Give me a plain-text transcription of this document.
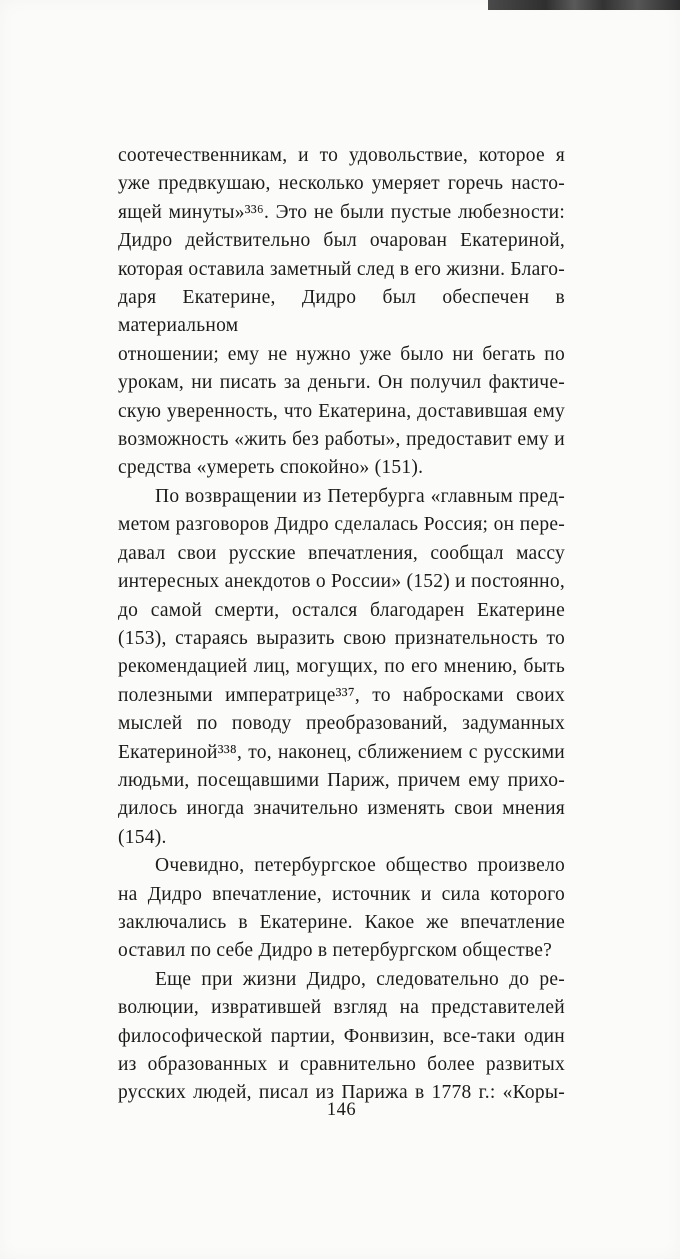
соотечественникам, и то удовольствие, которое я
уже предвкушаю, несколько умеряет горечь насто-
ящей минуты»³³⁶. Это не были пустые любезности:
Дидро действительно был очарован Екатериной,
которая оставила заметный след в его жизни. Благо-
даря Екатерине, Дидро был обеспечен в материальном
отношении; ему не нужно уже было ни бегать по
урокам, ни писать за деньги. Он получил фактиче-
скую уверенность, что Екатерина, доставившая ему
возможность «жить без работы», предоставит ему и
средства «умереть спокойно» (151).
По возвращении из Петербурга «главным пред-
метом разговоров Дидро сделалась Россия; он пере-
давал свои русские впечатления, сообщал массу
интересных анекдотов о России» (152) и постоянно,
до самой смерти, остался благодарен Екатерине
(153), стараясь выразить свою признательность то
рекомендацией лиц, могущих, по его мнению, быть
полезными императрице³³⁷, то набросками своих
мыслей по поводу преобразований, задуманных
Екатериной³³⁸, то, наконец, сближением с русскими
людьми, посещавшими Париж, причем ему прихо-
дилось иногда значительно изменять свои мнения
(154).
Очевидно, петербургское общество произвело
на Дидро впечатление, источник и сила которого
заключались в Екатерине. Какое же впечатление
оставил по себе Дидро в петербургском обществе?
Еще при жизни Дидро, следовательно до ре-
волюции, извратившей взгляд на представителей
философической партии, Фонвизин, все-таки один
из образованных и сравнительно более развитых
русских людей, писал из Парижа в 1778 г.: «Коры-
146
